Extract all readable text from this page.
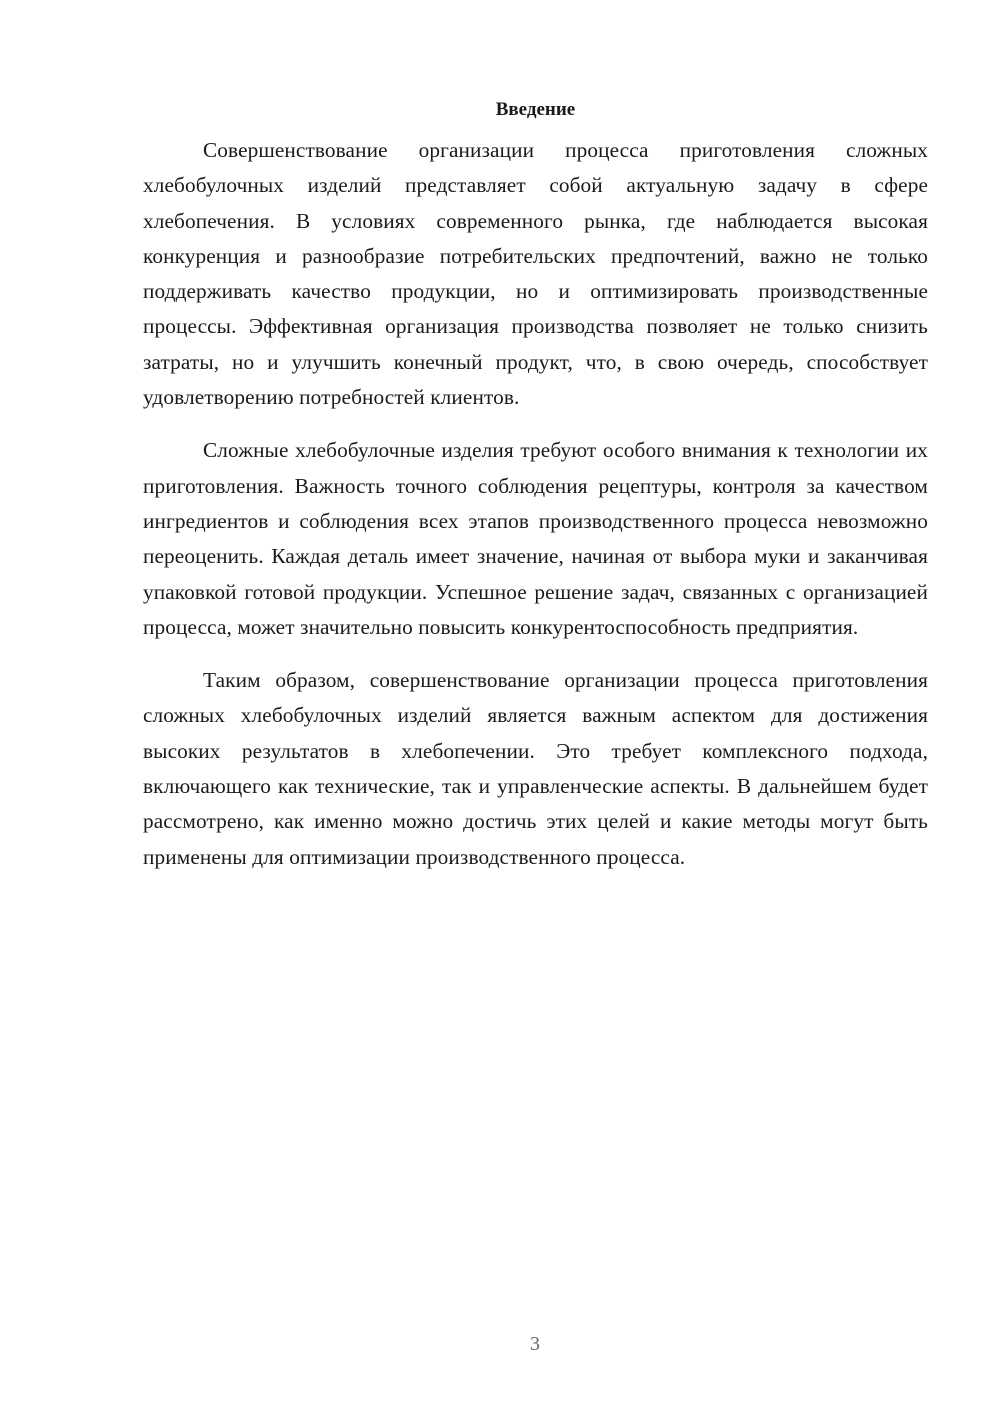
Введение

Совершенствование организации процесса приготовления сложных хлебобулочных изделий представляет собой актуальную задачу в сфере хлебопечения. В условиях современного рынка, где наблюдается высокая конкуренция и разнообразие потребительских предпочтений, важно не только поддерживать качество продукции, но и оптимизировать производственные процессы. Эффективная организация производства позволяет не только снизить затраты, но и улучшить конечный продукт, что, в свою очередь, способствует удовлетворению потребностей клиентов.

Сложные хлебобулочные изделия требуют особого внимания к технологии их приготовления. Важность точного соблюдения рецептуры, контроля за качеством ингредиентов и соблюдения всех этапов производственного процесса невозможно переоценить. Каждая деталь имеет значение, начиная от выбора муки и заканчивая упаковкой готовой продукции. Успешное решение задач, связанных с организацией процесса, может значительно повысить конкурентоспособность предприятия.

Таким образом, совершенствование организации процесса приготовления сложных хлебобулочных изделий является важным аспектом для достижения высоких результатов в хлебопечении. Это требует комплексного подхода, включающего как технические, так и управленческие аспекты. В дальнейшем будет рассмотрено, как именно можно достичь этих целей и какие методы могут быть применены для оптимизации производственного процесса.

3
